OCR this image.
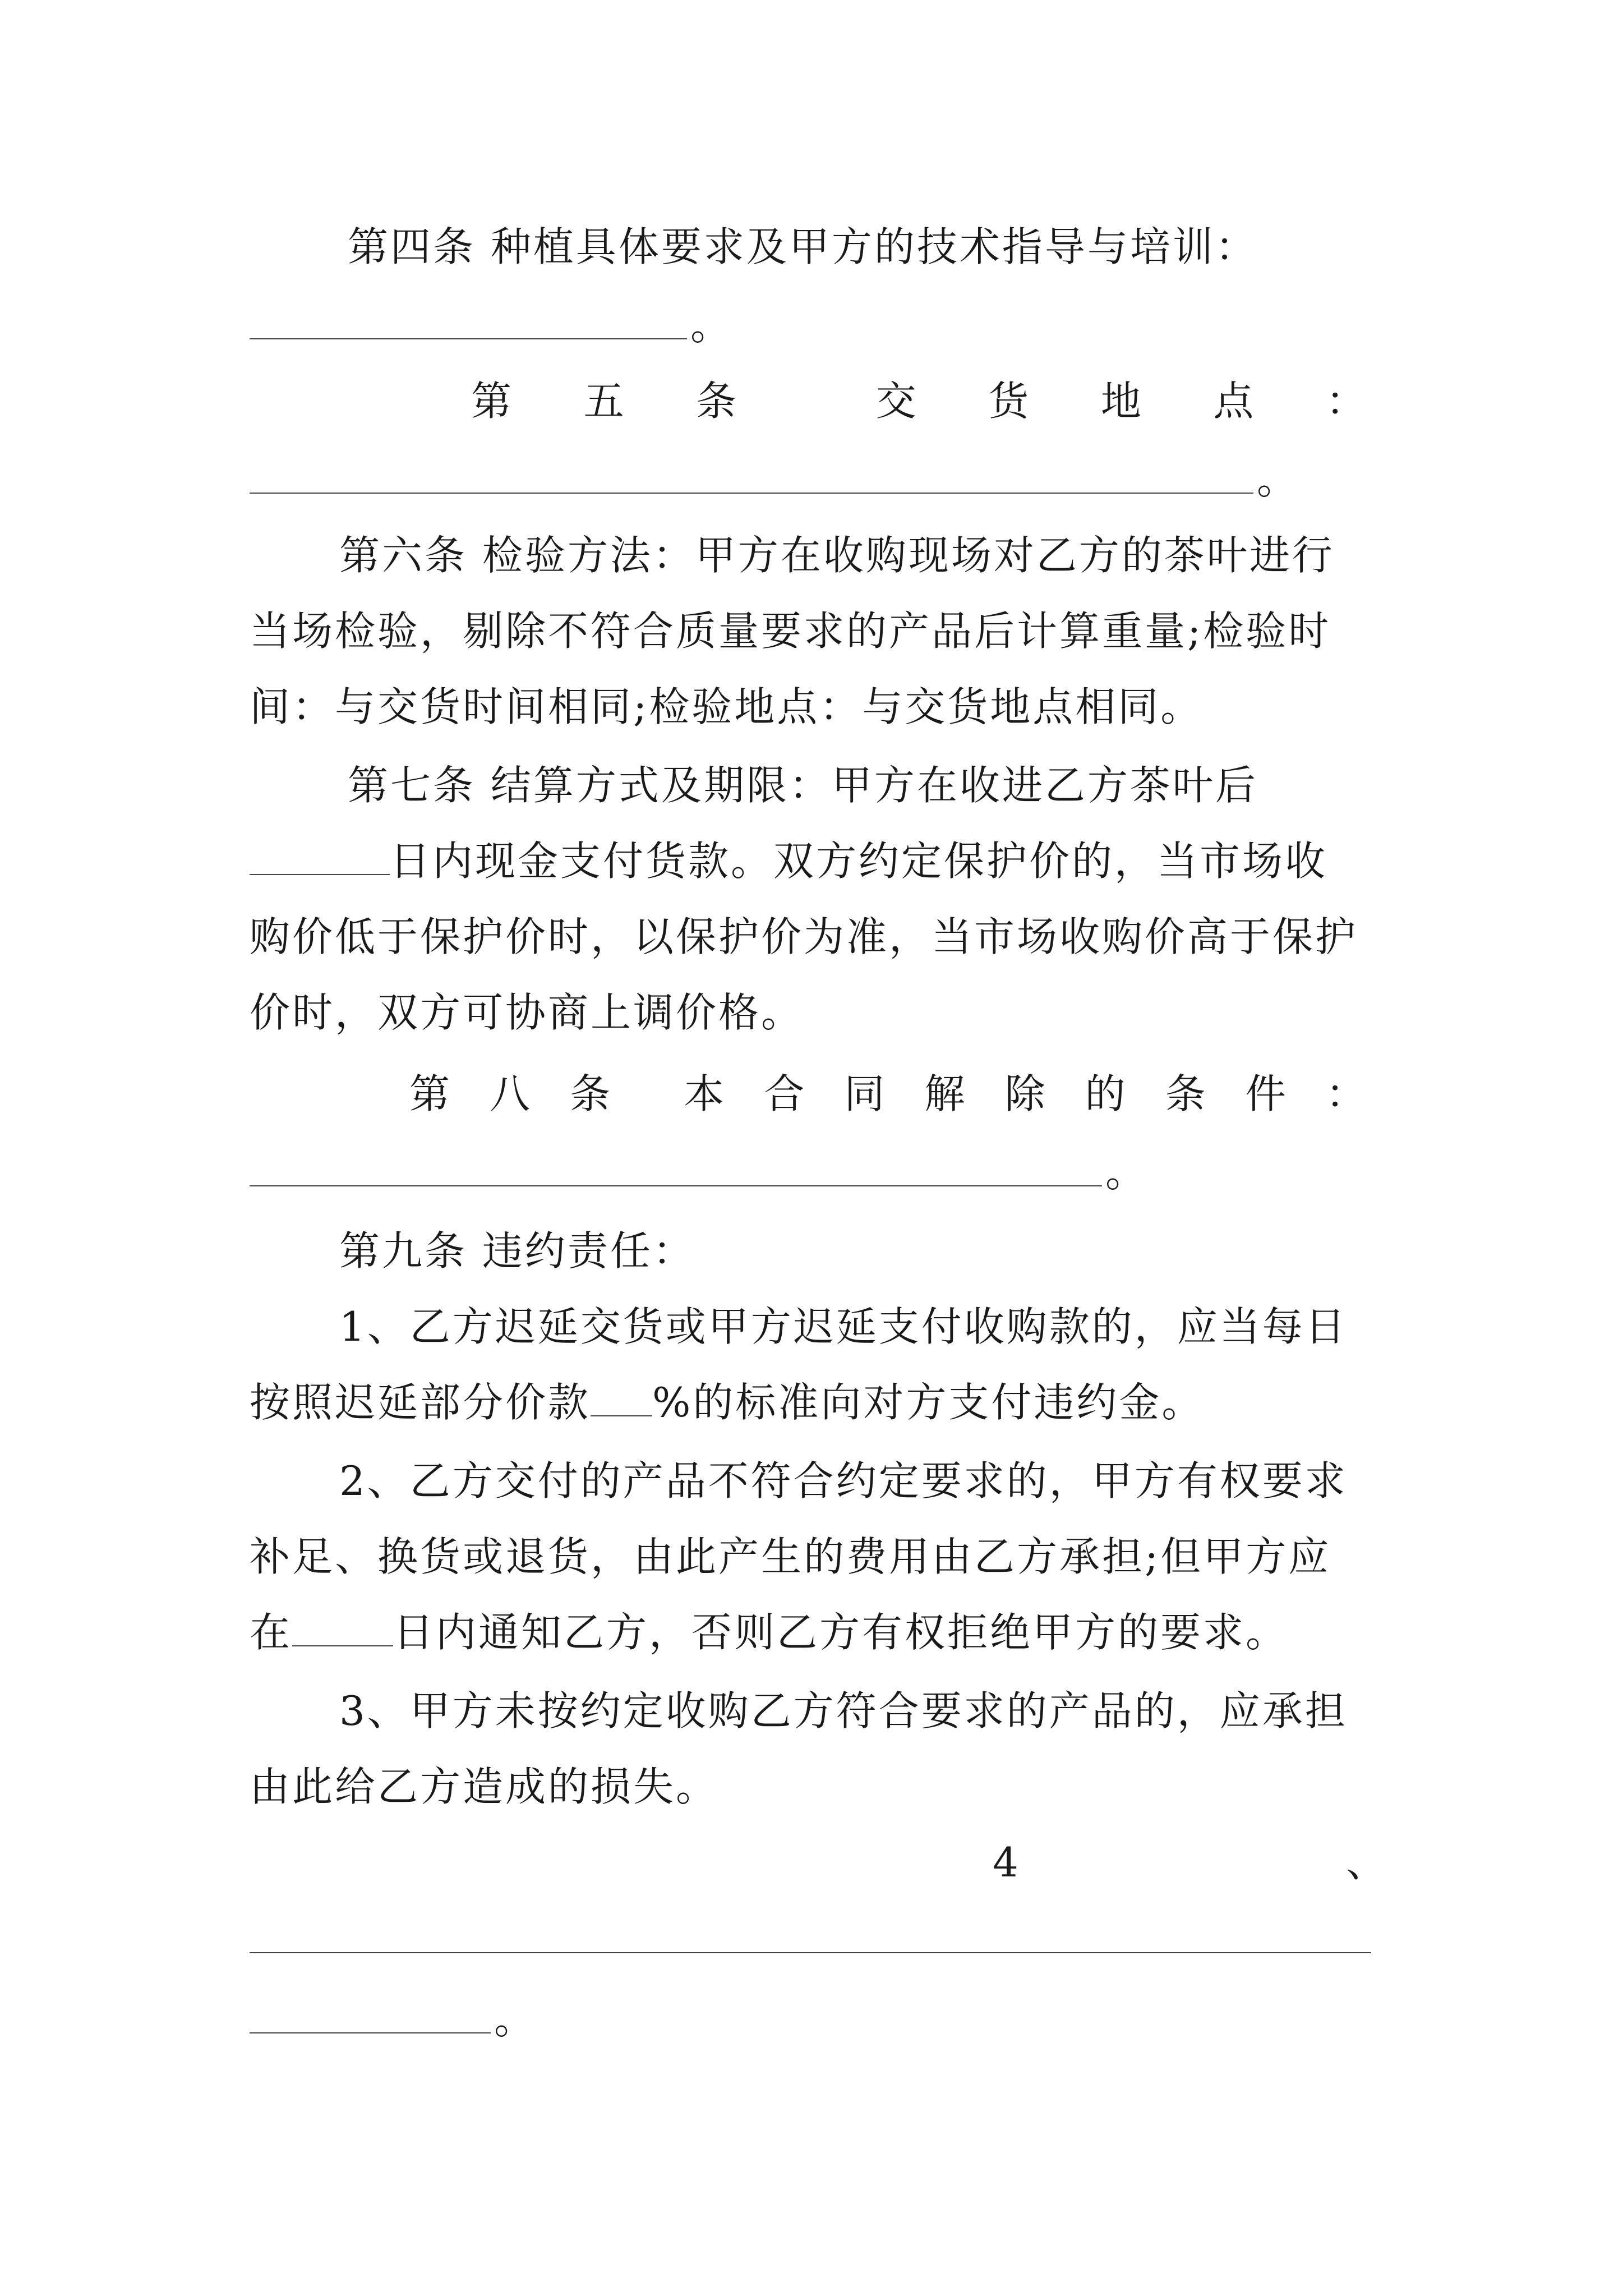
第四条 种植具体要求及甲方的技术指导与培训：
。
第 五 条	交 货 地 点 ：
。
第六条 检验方法：甲方在收购现场对乙方的茶叶进行
当场检验，剔除不符合质量要求的产品后计算重量;检验时
间：与交货时间相同;检验地点：与交货地点相同。
第七条 结算方式及期限：甲方在收进乙方茶叶后
日内现金支付货款。双方约定保护价的，当市场收
购价低于保护价时，以保护价为准，当市场收购价高于保护
价时，双方可协商上调价格。
第 八 条 本 合 同 解 除 的 条 件 ：
。
第九条 违约责任：
1、乙方迟延交货或甲方迟延支付收购款的，应当每日
按照迟延部分价款 %的标准向对方支付违约金。
2、乙方交付的产品不符合约定要求的，甲方有权要求
补足、换货或退货，由此产生的费用由乙方承担;但甲方应
在	日内通知乙方，否则乙方有权拒绝甲方的要求。
3、甲方未按约定收购乙方符合要求的产品的，应承担
由此给乙方造成的损失。
4	、
。
